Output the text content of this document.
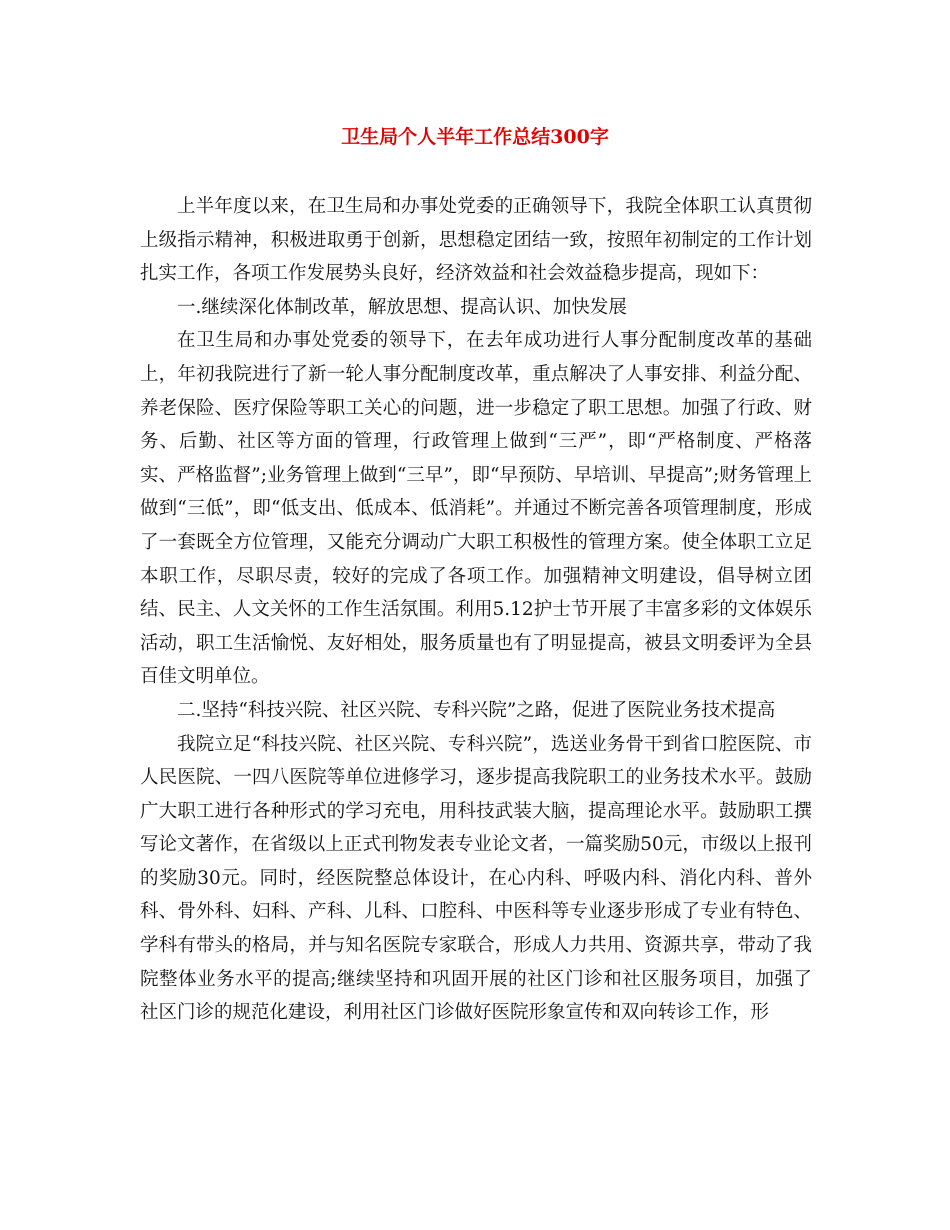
卫生局个人半年工作总结300字

上半年度以来，在卫生局和办事处党委的正确领导下，我院全体职工认真贯彻上级指示精神，积极进取勇于创新，思想稳定团结一致，按照年初制定的工作计划扎实工作，各项工作发展势头良好，经济效益和社会效益稳步提高，现如下：

一.继续深化体制改革，解放思想、提高认识、加快发展

在卫生局和办事处党委的领导下，在去年成功进行人事分配制度改革的基础上，年初我院进行了新一轮人事分配制度改革，重点解决了人事安排、利益分配、养老保险、医疗保险等职工关心的问题，进一步稳定了职工思想。加强了行政、财务、后勤、社区等方面的管理，行政管理上做到“三严”，即“严格制度、严格落实、严格监督”;业务管理上做到“三早”，即“早预防、早培训、早提高”;财务管理上做到“三低”，即“低支出、低成本、低消耗”。并通过不断完善各项管理制度，形成了一套既全方位管理，又能充分调动广大职工积极性的管理方案。使全体职工立足本职工作，尽职尽责，较好的完成了各项工作。加强精神文明建设，倡导树立团结、民主、人文关怀的工作生活氛围。利用5.12护士节开展了丰富多彩的文体娱乐活动，职工生活愉悦、友好相处，服务质量也有了明显提高，被县文明委评为全县百佳文明单位。

二.坚持“科技兴院、社区兴院、专科兴院”之路，促进了医院业务技术提高

我院立足“科技兴院、社区兴院、专科兴院”，选送业务骨干到省口腔医院、市人民医院、一四八医院等单位进修学习，逐步提高我院职工的业务技术水平。鼓励广大职工进行各种形式的学习充电，用科技武装大脑，提高理论水平。鼓励职工撰写论文著作，在省级以上正式刊物发表专业论文者，一篇奖励50元，市级以上报刊的奖励30元。同时，经医院整总体设计，在心内科、呼吸内科、消化内科、普外科、骨外科、妇科、产科、儿科、口腔科、中医科等专业逐步形成了专业有特色、学科有带头的格局，并与知名医院专家联合，形成人力共用、资源共享，带动了我院整体业务水平的提高;继续坚持和巩固开展的社区门诊和社区服务项目，加强了社区门诊的规范化建设，利用社区门诊做好医院形象宣传和双向转诊工作，形
